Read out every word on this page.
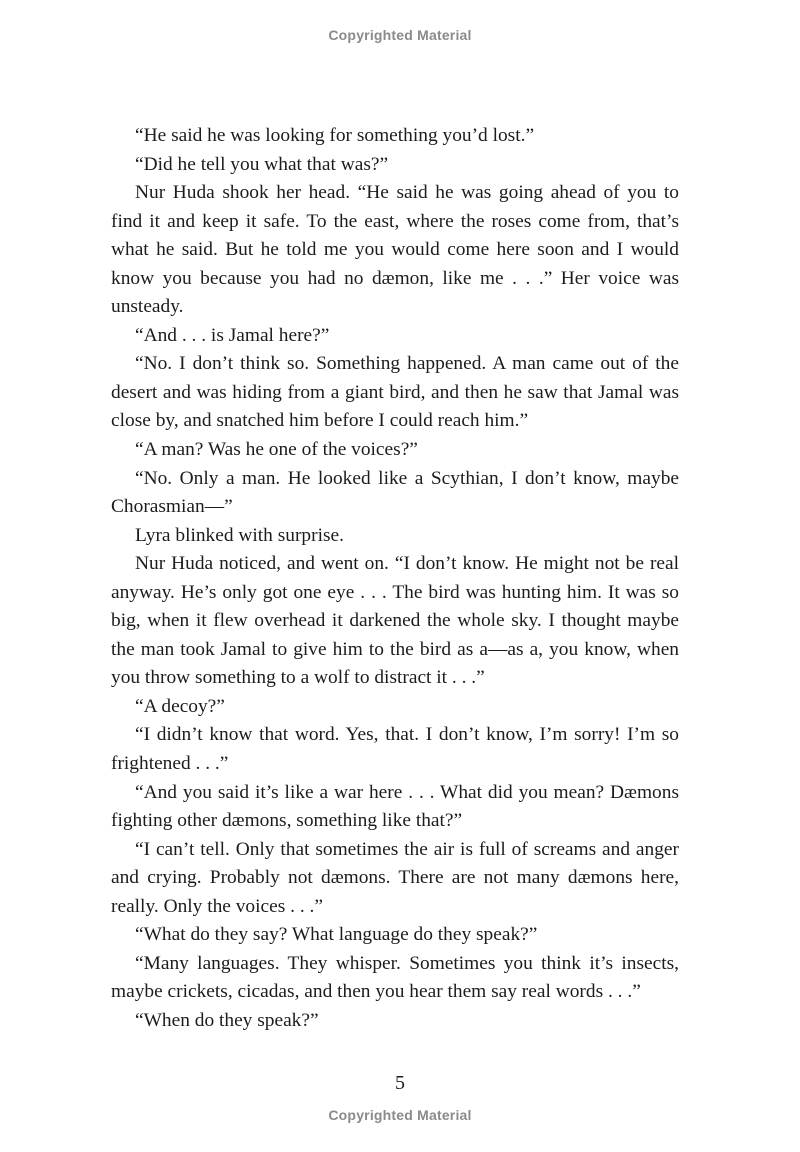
Copyrighted Material

“He said he was looking for something you’d lost.”

“Did he tell you what that was?”

Nur Huda shook her head. “He said he was going ahead of you to find it and keep it safe. To the east, where the roses come from, that’s what he said. But he told me you would come here soon and I would know you because you had no dæmon, like me . . .” Her voice was unsteady.

“And . . . is Jamal here?”

“No. I don’t think so. Something happened. A man came out of the desert and was hiding from a giant bird, and then he saw that Jamal was close by, and snatched him before I could reach him.”

“A man? Was he one of the voices?”

“No. Only a man. He looked like a Scythian, I don’t know, maybe Chorasmian—”

Lyra blinked with surprise.

Nur Huda noticed, and went on. “I don’t know. He might not be real anyway. He’s only got one eye . . . The bird was hunting him. It was so big, when it flew overhead it darkened the whole sky. I thought maybe the man took Jamal to give him to the bird as a—as a, you know, when you throw something to a wolf to distract it . . .”

“A decoy?”

“I didn’t know that word. Yes, that. I don’t know, I’m sorry! I’m so frightened . . .”

“And you said it’s like a war here . . . What did you mean? Dæmons fighting other dæmons, something like that?”

“I can’t tell. Only that sometimes the air is full of screams and anger and crying. Probably not dæmons. There are not many dæmons here, really. Only the voices . . .”

“What do they say? What language do they speak?”

“Many languages. They whisper. Sometimes you think it’s insects, maybe crickets, cicadas, and then you hear them say real words . . .”

“When do they speak?”

5
Copyrighted Material
